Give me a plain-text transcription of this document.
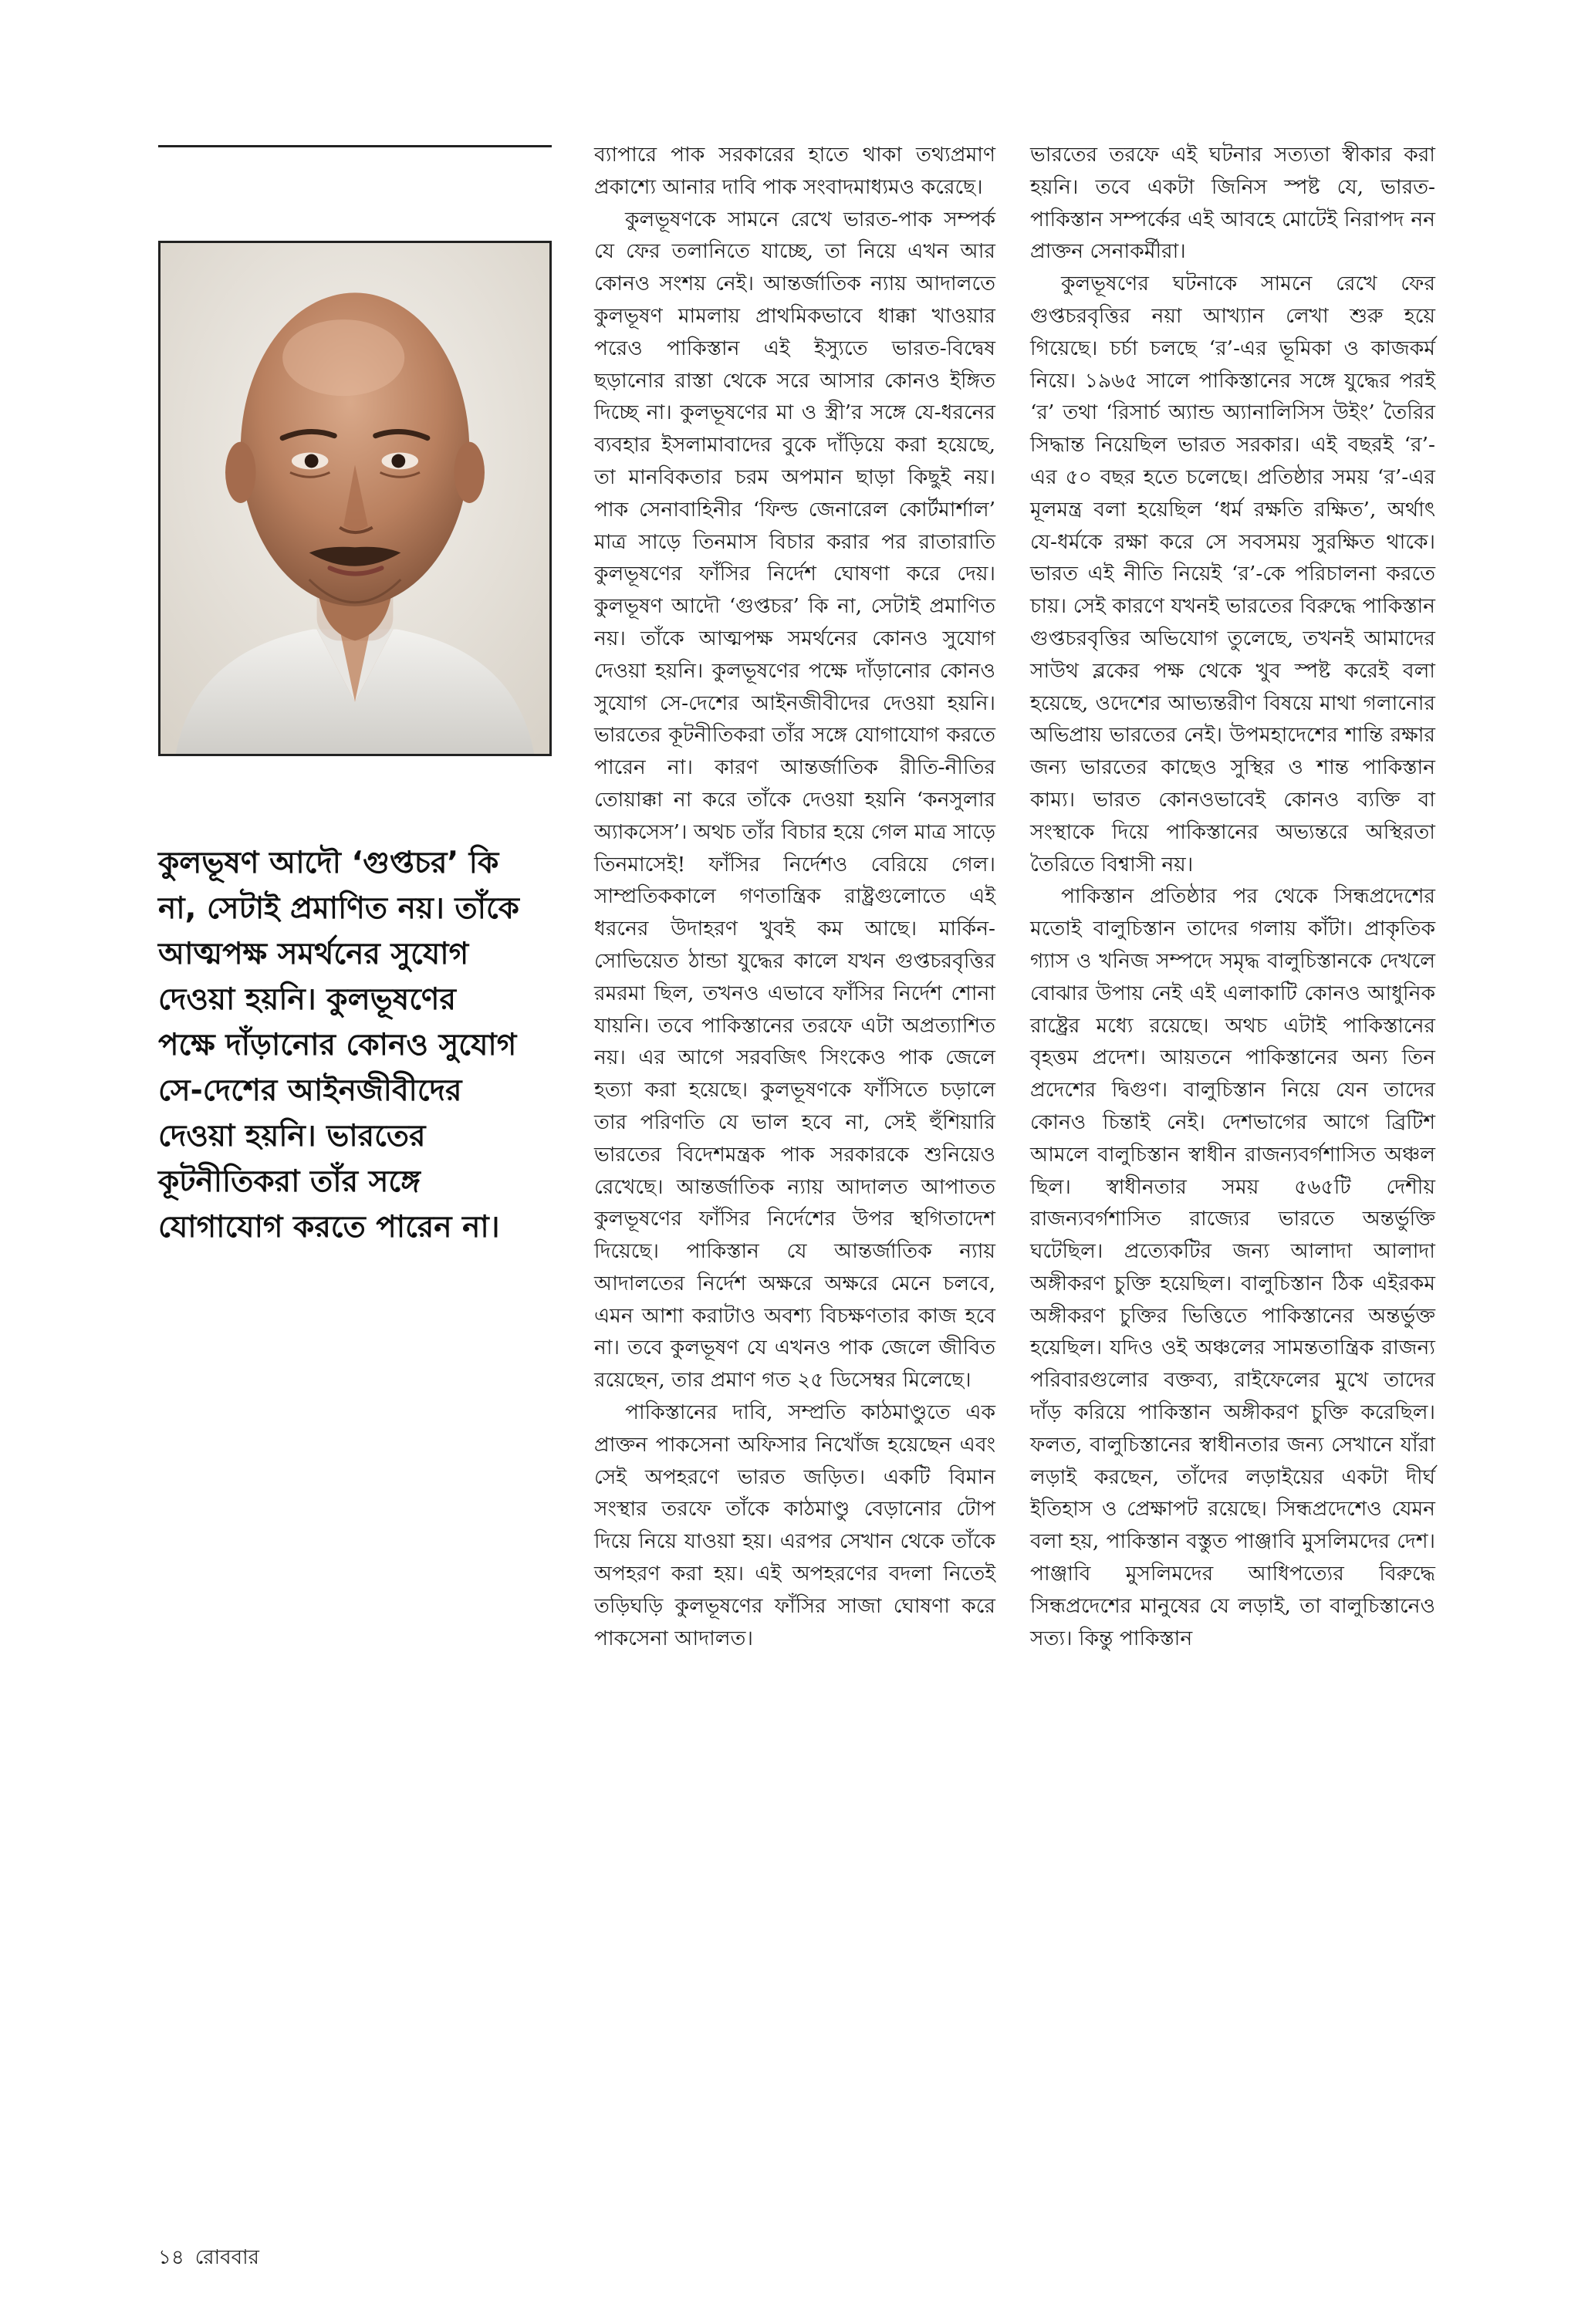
কুলভূষণ আদৌ ‘গুপ্তচর’ কি

না, সেটাই প্রমাণিত নয়। তাঁকে

আত্মপক্ষ সমর্থনের সুযোগ

দেওয়া হয়নি। কুলভূষণের

পক্ষে দাঁড়ানোর কোনও সুযোগ

সে-দেশের আইনজীবীদের

দেওয়া হয়নি। ভারতের

কূটনীতিকরা তাঁর সঙ্গে

যোগাযোগ করতে পারেন না।

ব্যাপারে পাক সরকারের হাতে থাকা তথ্যপ্রমাণ প্রকাশ্যে আনার দাবি পাক সংবাদমাধ্যমও করেছে।

কুলভূষণকে সামনে রেখে ভারত-পাক সম্পর্ক যে ফের তলানিতে যাচ্ছে, তা নিয়ে এখন আর কোনও সংশয় নেই। আন্তর্জাতিক ন্যায় আদালতে কুলভূষণ মামলায় প্রাথমিকভাবে ধাক্কা খাওয়ার পরেও পাকিস্তান এই ইস্যুতে ভারত-বিদ্বেষ ছড়ানোর রাস্তা থেকে সরে আসার কোনও ইঙ্গিত দিচ্ছে না। কুলভূষণের মা ও স্ত্রী’র সঙ্গে যে-ধরনের ব্যবহার ইসলামাবাদের বুকে দাঁড়িয়ে করা হয়েছে, তা মানবিকতার চরম অপমান ছাড়া কিছুই নয়। পাক সেনাবাহিনীর ‘ফিল্ড জেনারেল কোর্টমার্শাল’ মাত্র সাড়ে তিনমাস বিচার করার পর রাতারাতি কুলভূষণের ফাঁসির নির্দেশ ঘোষণা করে দেয়। কুলভূষণ আদৌ ‘গুপ্তচর’ কি না, সেটাই প্রমাণিত নয়। তাঁকে আত্মপক্ষ সমর্থনের কোনও সুযোগ দেওয়া হয়নি। কুলভূষণের পক্ষে দাঁড়ানোর কোনও সুযোগ সে-দেশের আইনজীবীদের দেওয়া হয়নি। ভারতের কূটনীতিকরা তাঁর সঙ্গে যোগাযোগ করতে পারেন না। কারণ আন্তর্জাতিক রীতি-নীতির তোয়াক্কা না করে তাঁকে দেওয়া হয়নি ‘কনসুলার অ্যাকসেস’। অথচ তাঁর বিচার হয়ে গেল মাত্র সাড়ে তিনমাসেই! ফাঁসির নির্দেশও বেরিয়ে গেল। সাম্প্রতিককালে গণতান্ত্রিক রাষ্ট্রগুলোতে এই ধরনের উদাহরণ খুবই কম আছে। মার্কিন-সোভিয়েত ঠান্ডা যুদ্ধের কালে যখন গুপ্তচরবৃত্তির রমরমা ছিল, তখনও এভাবে ফাঁসির নির্দেশ শোনা যায়নি। তবে পাকিস্তানের তরফে এটা অপ্রত্যাশিত নয়। এর আগে সরবজিৎ সিংকেও পাক জেলে হত্যা করা হয়েছে। কুলভূষণকে ফাঁসিতে চড়ালে তার পরিণতি যে ভাল হবে না, সেই হুঁশিয়ারি ভারতের বিদেশমন্ত্রক পাক সরকারকে শুনিয়েও রেখেছে। আন্তর্জাতিক ন্যায় আদালত আপাতত কুলভূষণের ফাঁসির নির্দেশের উপর স্থগিতাদেশ দিয়েছে। পাকিস্তান যে আন্তর্জাতিক ন্যায় আদালতের নির্দেশ অক্ষরে অক্ষরে মেনে চলবে, এমন আশা করাটাও অবশ্য বিচক্ষণতার কাজ হবে না। তবে কুলভূষণ যে এখনও পাক জেলে জীবিত রয়েছেন, তার প্রমাণ গত ২৫ ডিসেম্বর মিলেছে।

পাকিস্তানের দাবি, সম্প্রতি কাঠমাণ্ডুতে এক প্রাক্তন পাকসেনা অফিসার নিখোঁজ হয়েছেন এবং সেই অপহরণে ভারত জড়িত। একটি বিমান সংস্থার তরফে তাঁকে কাঠমাণ্ডু বেড়ানোর টোপ দিয়ে নিয়ে যাওয়া হয়। এরপর সেখান থেকে তাঁকে অপহরণ করা হয়। এই অপহরণের বদলা নিতেই তড়িঘড়ি কুলভূষণের ফাঁসির সাজা ঘোষণা করে পাকসেনা আদালত।

ভারতের তরফে এই ঘটনার সত্যতা স্বীকার করা হয়নি। তবে একটা জিনিস স্পষ্ট যে, ভারত-পাকিস্তান সম্পর্কের এই আবহে মোটেই নিরাপদ নন প্রাক্তন সেনাকর্মীরা।

কুলভূষণের ঘটনাকে সামনে রেখে ফের গুপ্তচরবৃত্তির নয়া আখ্যান লেখা শুরু হয়ে গিয়েছে। চর্চা চলছে ‘র’-এর ভূমিকা ও কাজকর্ম নিয়ে। ১৯৬৫ সালে পাকিস্তানের সঙ্গে যুদ্ধের পরই ‘র’ তথা ‘রিসার্চ অ্যান্ড অ্যানালিসিস উইং’ তৈরির সিদ্ধান্ত নিয়েছিল ভারত সরকার। এই বছরই ‘র’-এর ৫০ বছর হতে চলেছে। প্রতিষ্ঠার সময় ‘র’-এর মূলমন্ত্র বলা হয়েছিল ‘ধর্ম রক্ষতি রক্ষিত’, অর্থাৎ যে-ধর্মকে রক্ষা করে সে সবসময় সুরক্ষিত থাকে। ভারত এই নীতি নিয়েই ‘র’-কে পরিচালনা করতে চায়। সেই কারণে যখনই ভারতের বিরুদ্ধে পাকিস্তান গুপ্তচরবৃত্তির অভিযোগ তুলেছে, তখনই আমাদের সাউথ ব্লকের পক্ষ থেকে খুব স্পষ্ট করেই বলা হয়েছে, ওদেশের আভ্যন্তরীণ বিষয়ে মাথা গলানোর অভিপ্রায় ভারতের নেই। উপমহাদেশের শান্তি রক্ষার জন্য ভারতের কাছেও সুস্থির ও শান্ত পাকিস্তান কাম্য। ভারত কোনওভাবেই কোনও ব্যক্তি বা সংস্থাকে দিয়ে পাকিস্তানের অভ্যন্তরে অস্থিরতা তৈরিতে বিশ্বাসী নয়।

পাকিস্তান প্রতিষ্ঠার পর থেকে সিন্ধপ্রদেশের মতোই বালুচিস্তান তাদের গলায় কাঁটা। প্রাকৃতিক গ্যাস ও খনিজ সম্পদে সমৃদ্ধ বালুচিস্তানকে দেখলে বোঝার উপায় নেই এই এলাকাটি কোনও আধুনিক রাষ্ট্রের মধ্যে রয়েছে। অথচ এটাই পাকিস্তানের বৃহত্তম প্রদেশ। আয়তনে পাকিস্তানের অন্য তিন প্রদেশের দ্বিগুণ। বালুচিস্তান নিয়ে যেন তাদের কোনও চিন্তাই নেই। দেশভাগের আগে ব্রিটিশ আমলে বালুচিস্তান স্বাধীন রাজন্যবর্গশাসিত অঞ্চল ছিল। স্বাধীনতার সময় ৫৬৫টি দেশীয় রাজন্যবর্গশাসিত রাজ্যের ভারতে অন্তর্ভুক্তি ঘটেছিল। প্রত্যেকটির জন্য আলাদা আলাদা অঙ্গীকরণ চুক্তি হয়েছিল। বালুচিস্তান ঠিক এইরকম অঙ্গীকরণ চুক্তির ভিত্তিতে পাকিস্তানের অন্তর্ভুক্ত হয়েছিল। যদিও ওই অঞ্চলের সামন্ততান্ত্রিক রাজন্য পরিবারগুলোর বক্তব্য, রাইফেলের মুখে তাদের দাঁড় করিয়ে পাকিস্তান অঙ্গীকরণ চুক্তি করেছিল। ফলত, বালুচিস্তানের স্বাধীনতার জন্য সেখানে যাঁরা লড়াই করছেন, তাঁদের লড়াইয়ের একটা দীর্ঘ ইতিহাস ও প্রেক্ষাপট রয়েছে। সিন্ধপ্রদেশেও যেমন বলা হয়, পাকিস্তান বস্তুত পাঞ্জাবি মুসলিমদের দেশ। পাঞ্জাবি মুসলিমদের আধিপত্যের বিরুদ্ধে সিন্ধপ্রদেশের মানুষের যে লড়াই, তা বালুচিস্তানেও সত্য। কিন্তু পাকিস্তান

১৪ রোববার
